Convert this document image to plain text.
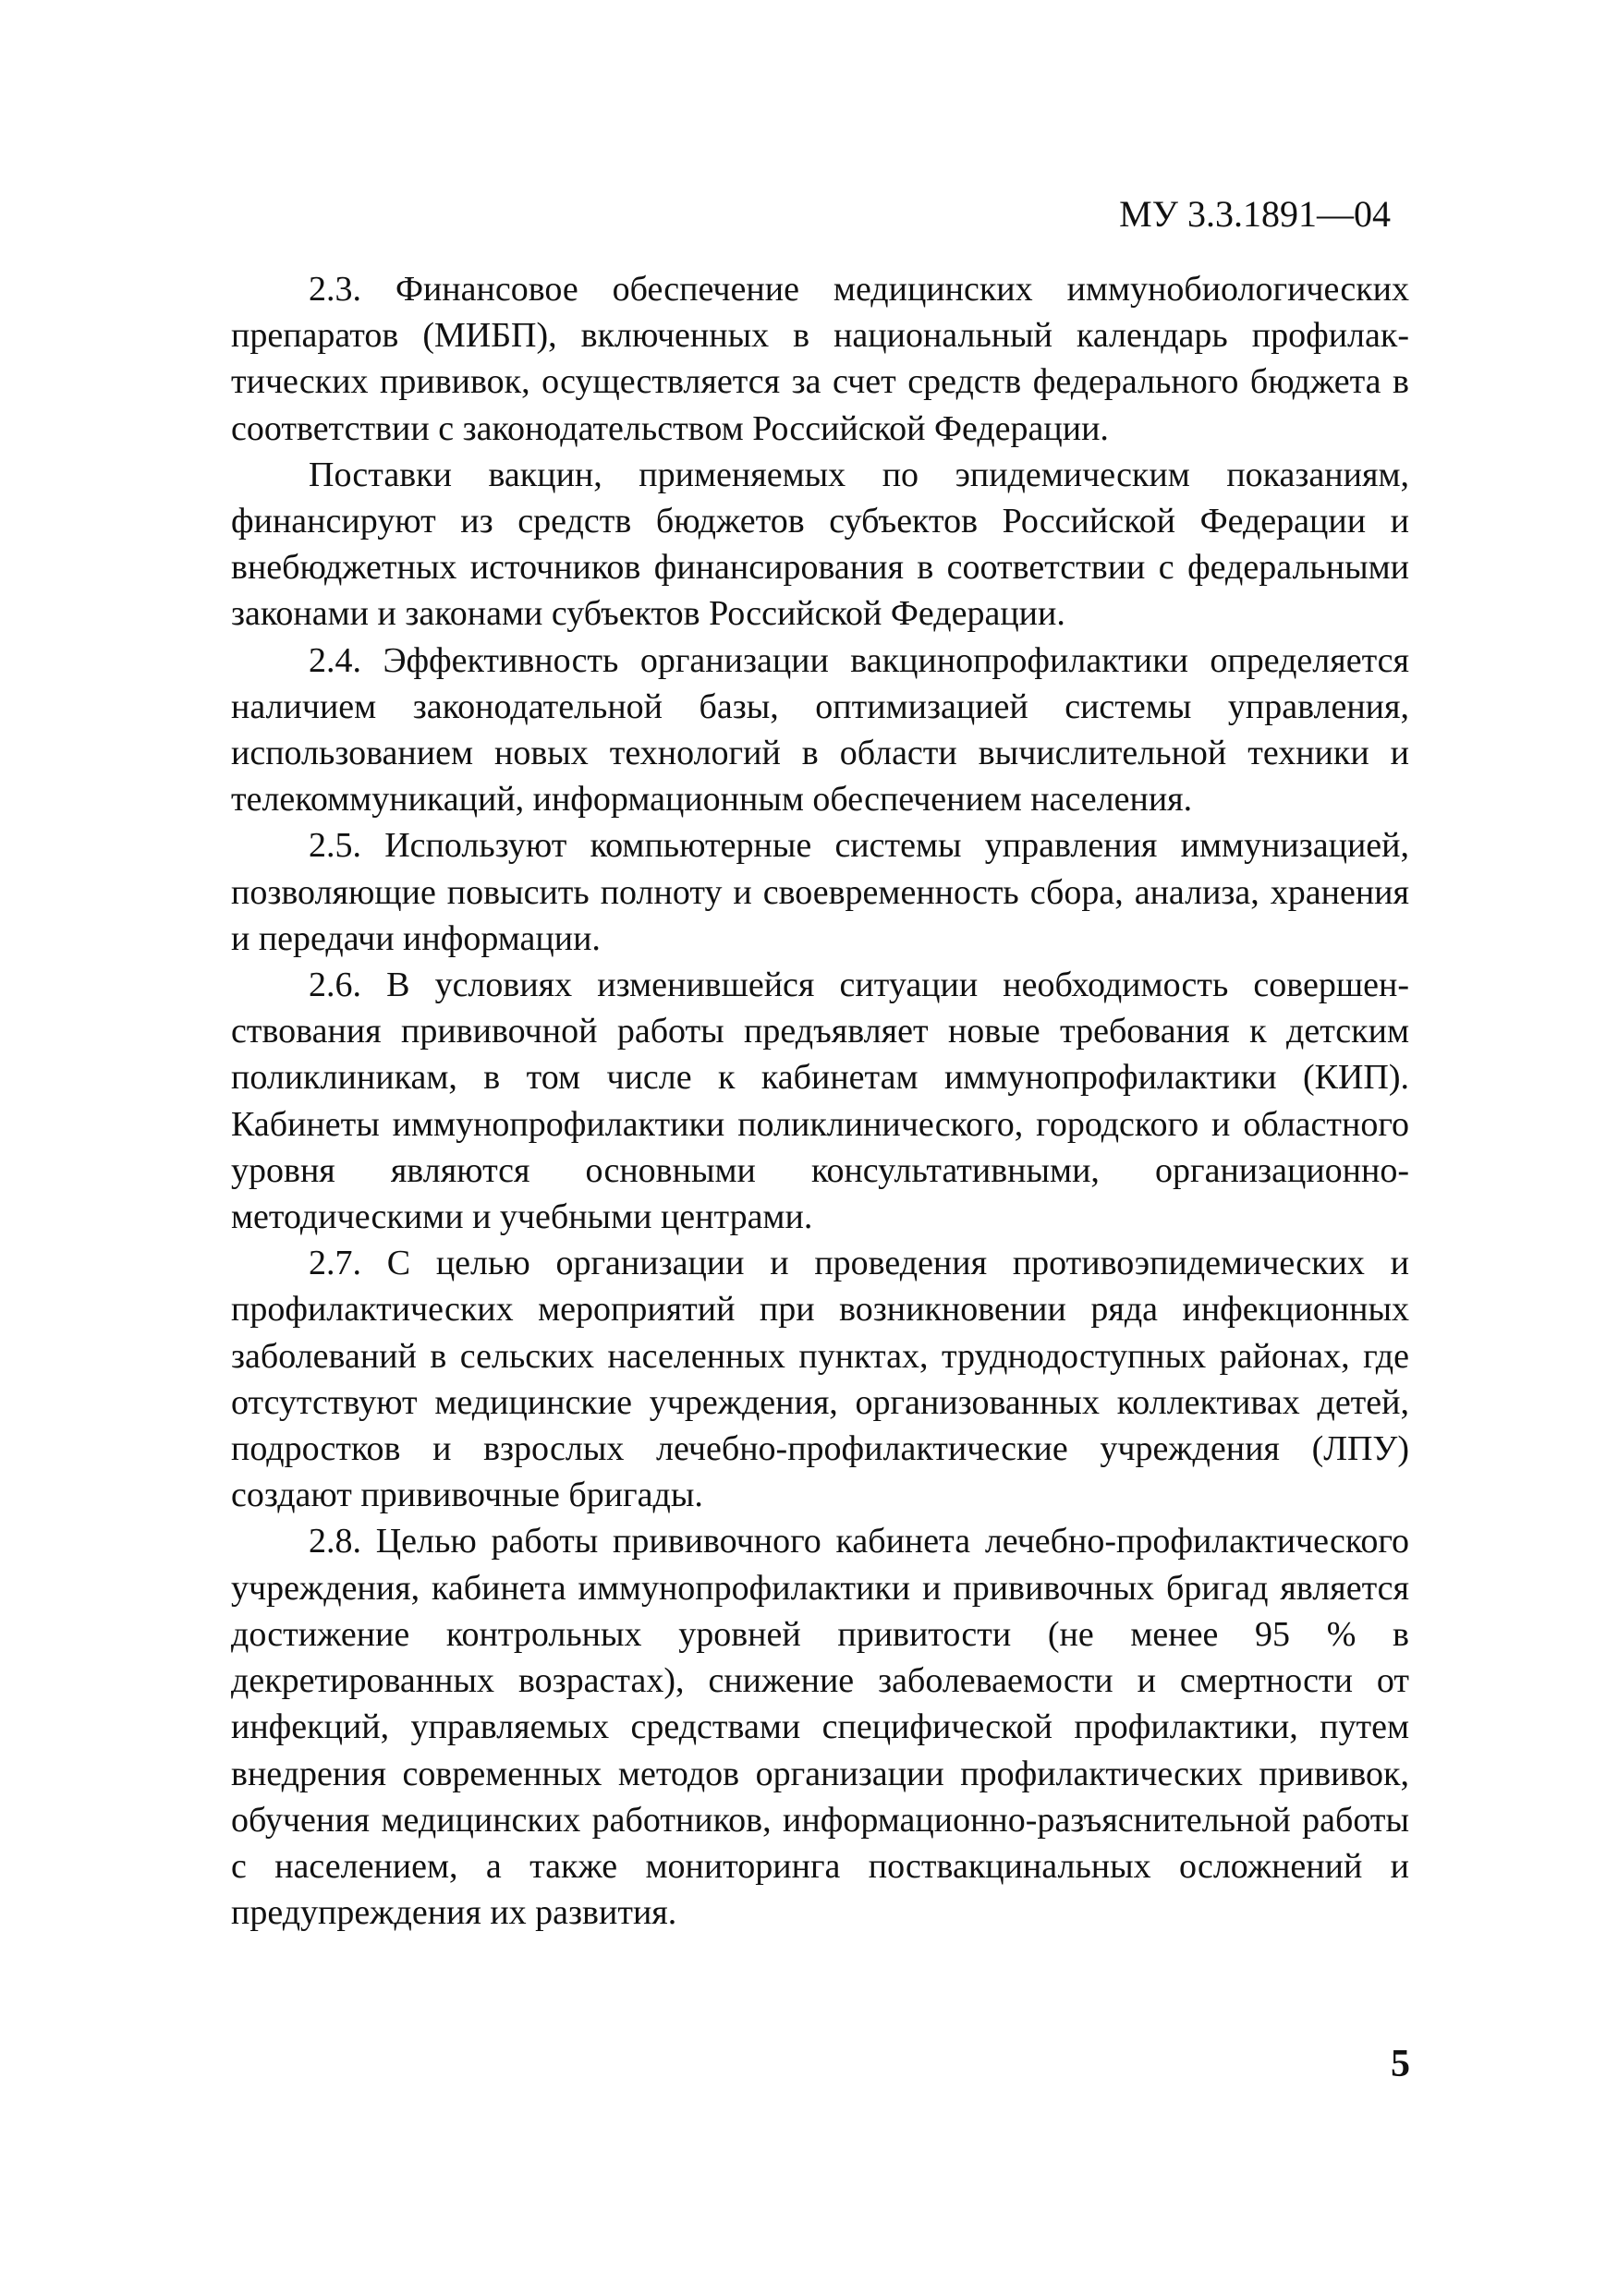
МУ 3.3.1891—04

2.3. Финансовое обеспечение медицинских иммунобиологических препаратов (МИБП), включенных в национальный календарь профилактических прививок, осуществляется за счет средств федерального бюджета в соответствии с законодательством Российской Федерации.

Поставки вакцин, применяемых по эпидемическим показаниям, финансируют из средств бюджетов субъектов Российской Федерации и внебюджетных источников финансирования в соответствии с федеральными законами и законами субъектов Российской Федерации.

2.4. Эффективность организации вакцинопрофилактики определяется наличием законодательной базы, оптимизацией системы управления, использованием новых технологий в области вычислительной техники и телекоммуникаций, информационным обеспечением населения.

2.5. Используют компьютерные системы управления иммунизацией, позволяющие повысить полноту и своевременность сбора, анализа, хранения и передачи информации.

2.6. В условиях изменившейся ситуации необходимость совершенствования прививочной работы предъявляет новые требования к детским поликлиникам, в том числе к кабинетам иммунопрофилактики (КИП). Кабинеты иммунопрофилактики поликлинического, городского и областного уровня являются основными консультативными, организационно-методическими и учебными центрами.

2.7. С целью организации и проведения противоэпидемических и профилактических мероприятий при возникновении ряда инфекционных заболеваний в сельских населенных пунктах, труднодоступных районах, где отсутствуют медицинские учреждения, организованных коллективах детей, подростков и взрослых лечебно-профилактические учреждения (ЛПУ) создают прививочные бригады.

2.8. Целью работы прививочного кабинета лечебно-профилактического учреждения, кабинета иммунопрофилактики и прививочных бригад является достижение контрольных уровней привитости (не менее 95 % в декретированных возрастах), снижение заболеваемости и смертности от инфекций, управляемых средствами специфической профилактики, путем внедрения современных методов организации профилактических прививок, обучения медицинских работников, информационно-разъяснительной работы с населением, а также мониторинга поствакцинальных осложнений и предупреждения их развития.

5
